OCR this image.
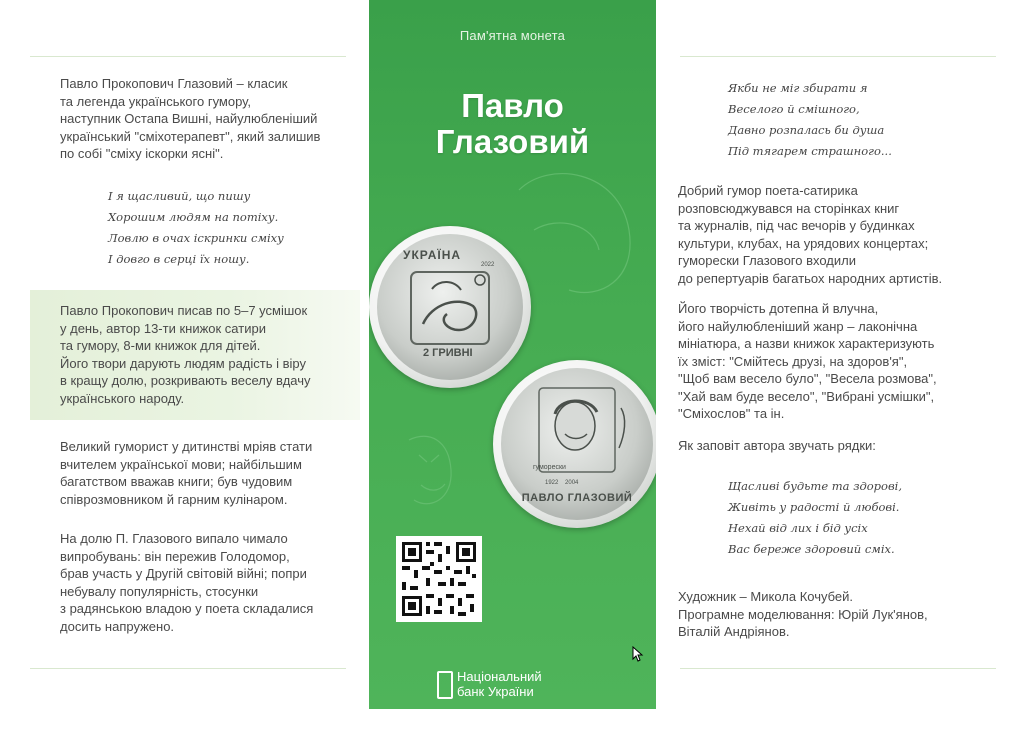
Павло Прокопович Глазовий – класик
та легенда українського гумору,
наступник Остапа Вишні, найулюбленіший
український "сміхотерапевт", який залишив
по собі "сміху іскорки ясні".

І я щасливий, що пишу
Хорошим людям на потіху.
Ловлю в очах іскринки сміху
І довго в серці їх ношу.

Павло Прокопович писав по 5–7 усмішок
у день, автор 13-ти книжок сатири
та гумору, 8-ми книжок для дітей.
Його твори дарують людям радість і віру
в кращу долю, розкривають веселу вдачу
українського народу.

Великий гуморист у дитинстві мріяв стати
вчителем української мови; найбільшим
багатством вважав книги; був чудовим
співрозмовником й гарним кулінаром.

На долю П. Глазового випало чимало
випробувань: він пережив Голодомор,
брав участь у Другій світовій війні; попри
небувалу популярність, стосунки
з радянською владою у поета складалися
досить напружено.

Пам'ятна монета
Павло
Глазовий
УКРАЇНА
2022
2 ГРИВНІ
гуморески
1922    2004
ПАВЛО ГЛАЗОВИЙ
Національний
банк України
Якби не міг збирати я
Веселого й смішного,
Давно розпалась би душа
Під тягарем страшного...

Добрий гумор поета-сатирика
розповсюджувався на сторінках книг
та журналів, під час вечорів у будинках
культури, клубах, на урядових концертах;
гуморески Глазового входили
до репертуарів багатьох народних артистів.

Його творчість дотепна й влучна,
його найулюбленіший жанр – лаконічна
мініатюра, а назви книжок характеризують
їх зміст: "Смійтесь друзі, на здоров'я",
"Щоб вам весело було", "Весела розмова",
"Хай вам буде весело", "Вибрані усмішки",
"Сміхослов" та ін.

Як заповіт автора звучать рядки:

Щасливі будьте та здорові,
Живіть у радості й любові.
Нехай від лих і бід усіх
Вас береже здоровий сміх.

Художник – Микола Кочубей.
Програмне моделювання: Юрій Лук'янов,
Віталій Андріянов.
